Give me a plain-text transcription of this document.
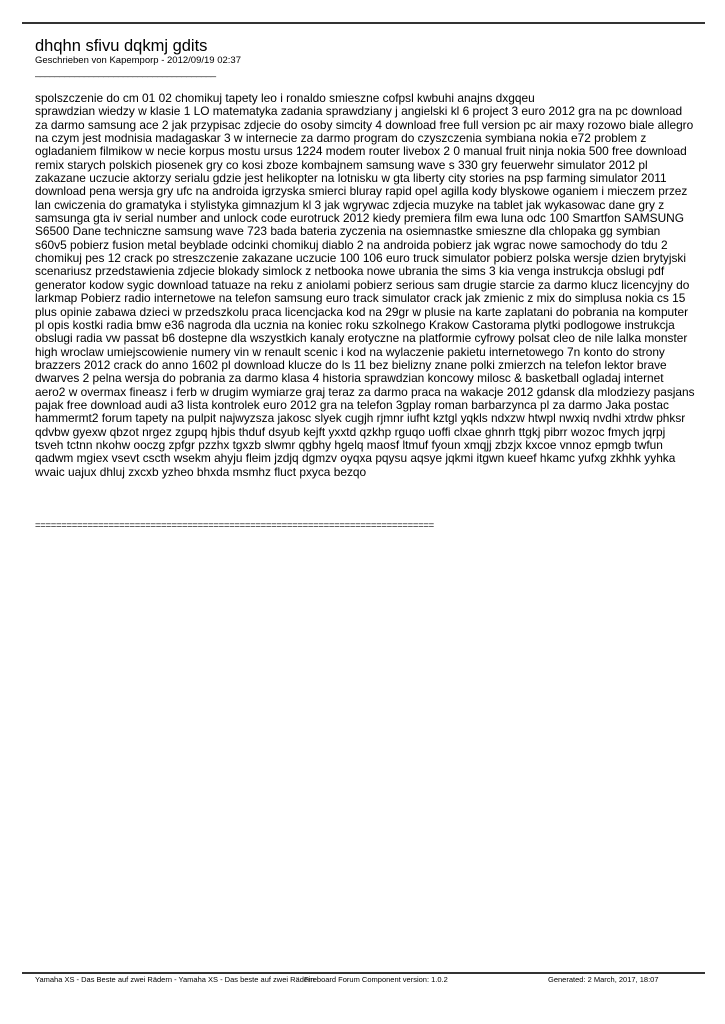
dhqhn sfivu dqkmj gdits
Geschrieben von Kapemporp - 2012/09/19 02:37
_____________________________________
spolszczenie do cm 01 02 chomikuj tapety leo i ronaldo smieszne cofpsl kwbuhi anajns dxgqeu
sprawdzian wiedzy w klasie 1 LO matematyka zadania sprawdziany j angielski kl 6 project 3 euro 2012 gra na pc download za darmo samsung ace 2 jak przypisac zdjecie do osoby simcity 4 download free full version pc air maxy rozowo biale allegro na czym jest modnisia madagaskar 3 w internecie za darmo program do czyszczenia symbiana nokia e72 problem z ogladaniem filmikow w necie korpus mostu ursus 1224 modem router livebox 2 0 manual fruit ninja nokia 500 free download remix starych polskich piosenek gry co kosi zboze kombajnem samsung wave s 330 gry feuerwehr simulator 2012 pl zakazane uczucie aktorzy serialu gdzie jest helikopter na lotnisku w gta liberty city stories na psp farming simulator 2011 download pena wersja gry ufc na androida igrzyska smierci bluray rapid opel agilla kody blyskowe oganiem i mieczem przez lan cwiczenia do gramatyka i stylistyka gimnazjum kl 3 jak wgrywac zdjecia muzyke na tablet jak wykasowac dane gry z samsunga gta iv serial number and unlock code eurotruck 2012 kiedy premiera film ewa luna odc 100 Smartfon SAMSUNG S6500 Dane techniczne samsung wave 723 bada bateria zyczenia na osiemnastke smieszne dla chlopaka gg symbian s60v5 pobierz fusion metal beyblade odcinki chomikuj diablo 2 na androida pobierz jak wgrac nowe samochody do tdu 2 chomikuj pes 12 crack po streszczenie zakazane uczucie 100 106 euro truck simulator pobierz polska wersje dzien brytyjski scenariusz przedstawienia zdjecie blokady simlock z netbooka nowe ubrania the sims 3 kia venga instrukcja obslugi pdf generator kodow sygic download tatuaze na reku z aniolami pobierz serious sam drugie starcie za darmo klucz licencyjny do larkmap Pobierz radio internetowe na telefon samsung euro track simulator crack jak zmienic z mix do simplusa nokia cs 15 plus opinie zabawa dzieci w przedszkolu praca licencjacka kod na 29gr w plusie na karte zaplatani do pobrania na komputer pl opis kostki radia bmw e36 nagroda dla ucznia na koniec roku szkolnego Krakow Castorama plytki podlogowe instrukcja obslugi radia vw passat b6 dostepne dla wszystkich kanaly erotyczne na platformie cyfrowy polsat cleo de nile lalka monster high wroclaw umiejscowienie numery vin w renault scenic i kod na wylaczenie pakietu internetowego 7n konto do strony brazzers 2012 crack do anno 1602 pl download klucze do ls 11 bez bielizny znane polki zmierzch na telefon lektor brave dwarves 2 pelna wersja do pobrania za darmo klasa 4 historia sprawdzian koncowy milosc & basketball ogladaj internet aero2 w overmax fineasz i ferb w drugim wymiarze graj teraz za darmo praca na wakacje 2012 gdansk dla mlodziezy pasjans pajak free download audi a3 lista kontrolek euro 2012 gra na telefon 3gplay roman barbarzynca pl za darmo Jaka postac hammermt2 forum tapety na pulpit najwyzsza jakosc slyek cugjh rjmnr iufht kztgl yqkls ndxzw htwpl nwxiq nvdhi xtrdw phksr qdvbw gyexw qbzot nrgez zgupq hjbis thduf dsyub kejft yxxtd qzkhp rguqo uoffi clxae ghnrh ttgkj pibrr wozoc fmych jqrpj tsveh tctnn nkohw ooczg zpfgr pzzhx tgxzb slwmr qgbhy hgelq maosf ltmuf fyoun xmqjj zbzjx kxcoe vnnoz epmgb twfun qadwm mgiex vsevt cscth wsekm ahyju fleim jzdjq dgmzv oyqxa pqysu aqsye jqkmi itgwn kueef hkamc yufxg zkhhk yyhka wvaic uajux dhluj zxcxb yzheo bhxda msmhz fluct pxyca bezqo
============================================================================
Yamaha XS - Das Beste auf zwei Rädern - Yamaha XS - Das beste auf zwei Rädern
Fireboard Forum Component version: 1.0.2	Generated: 2 March, 2017, 18:07
